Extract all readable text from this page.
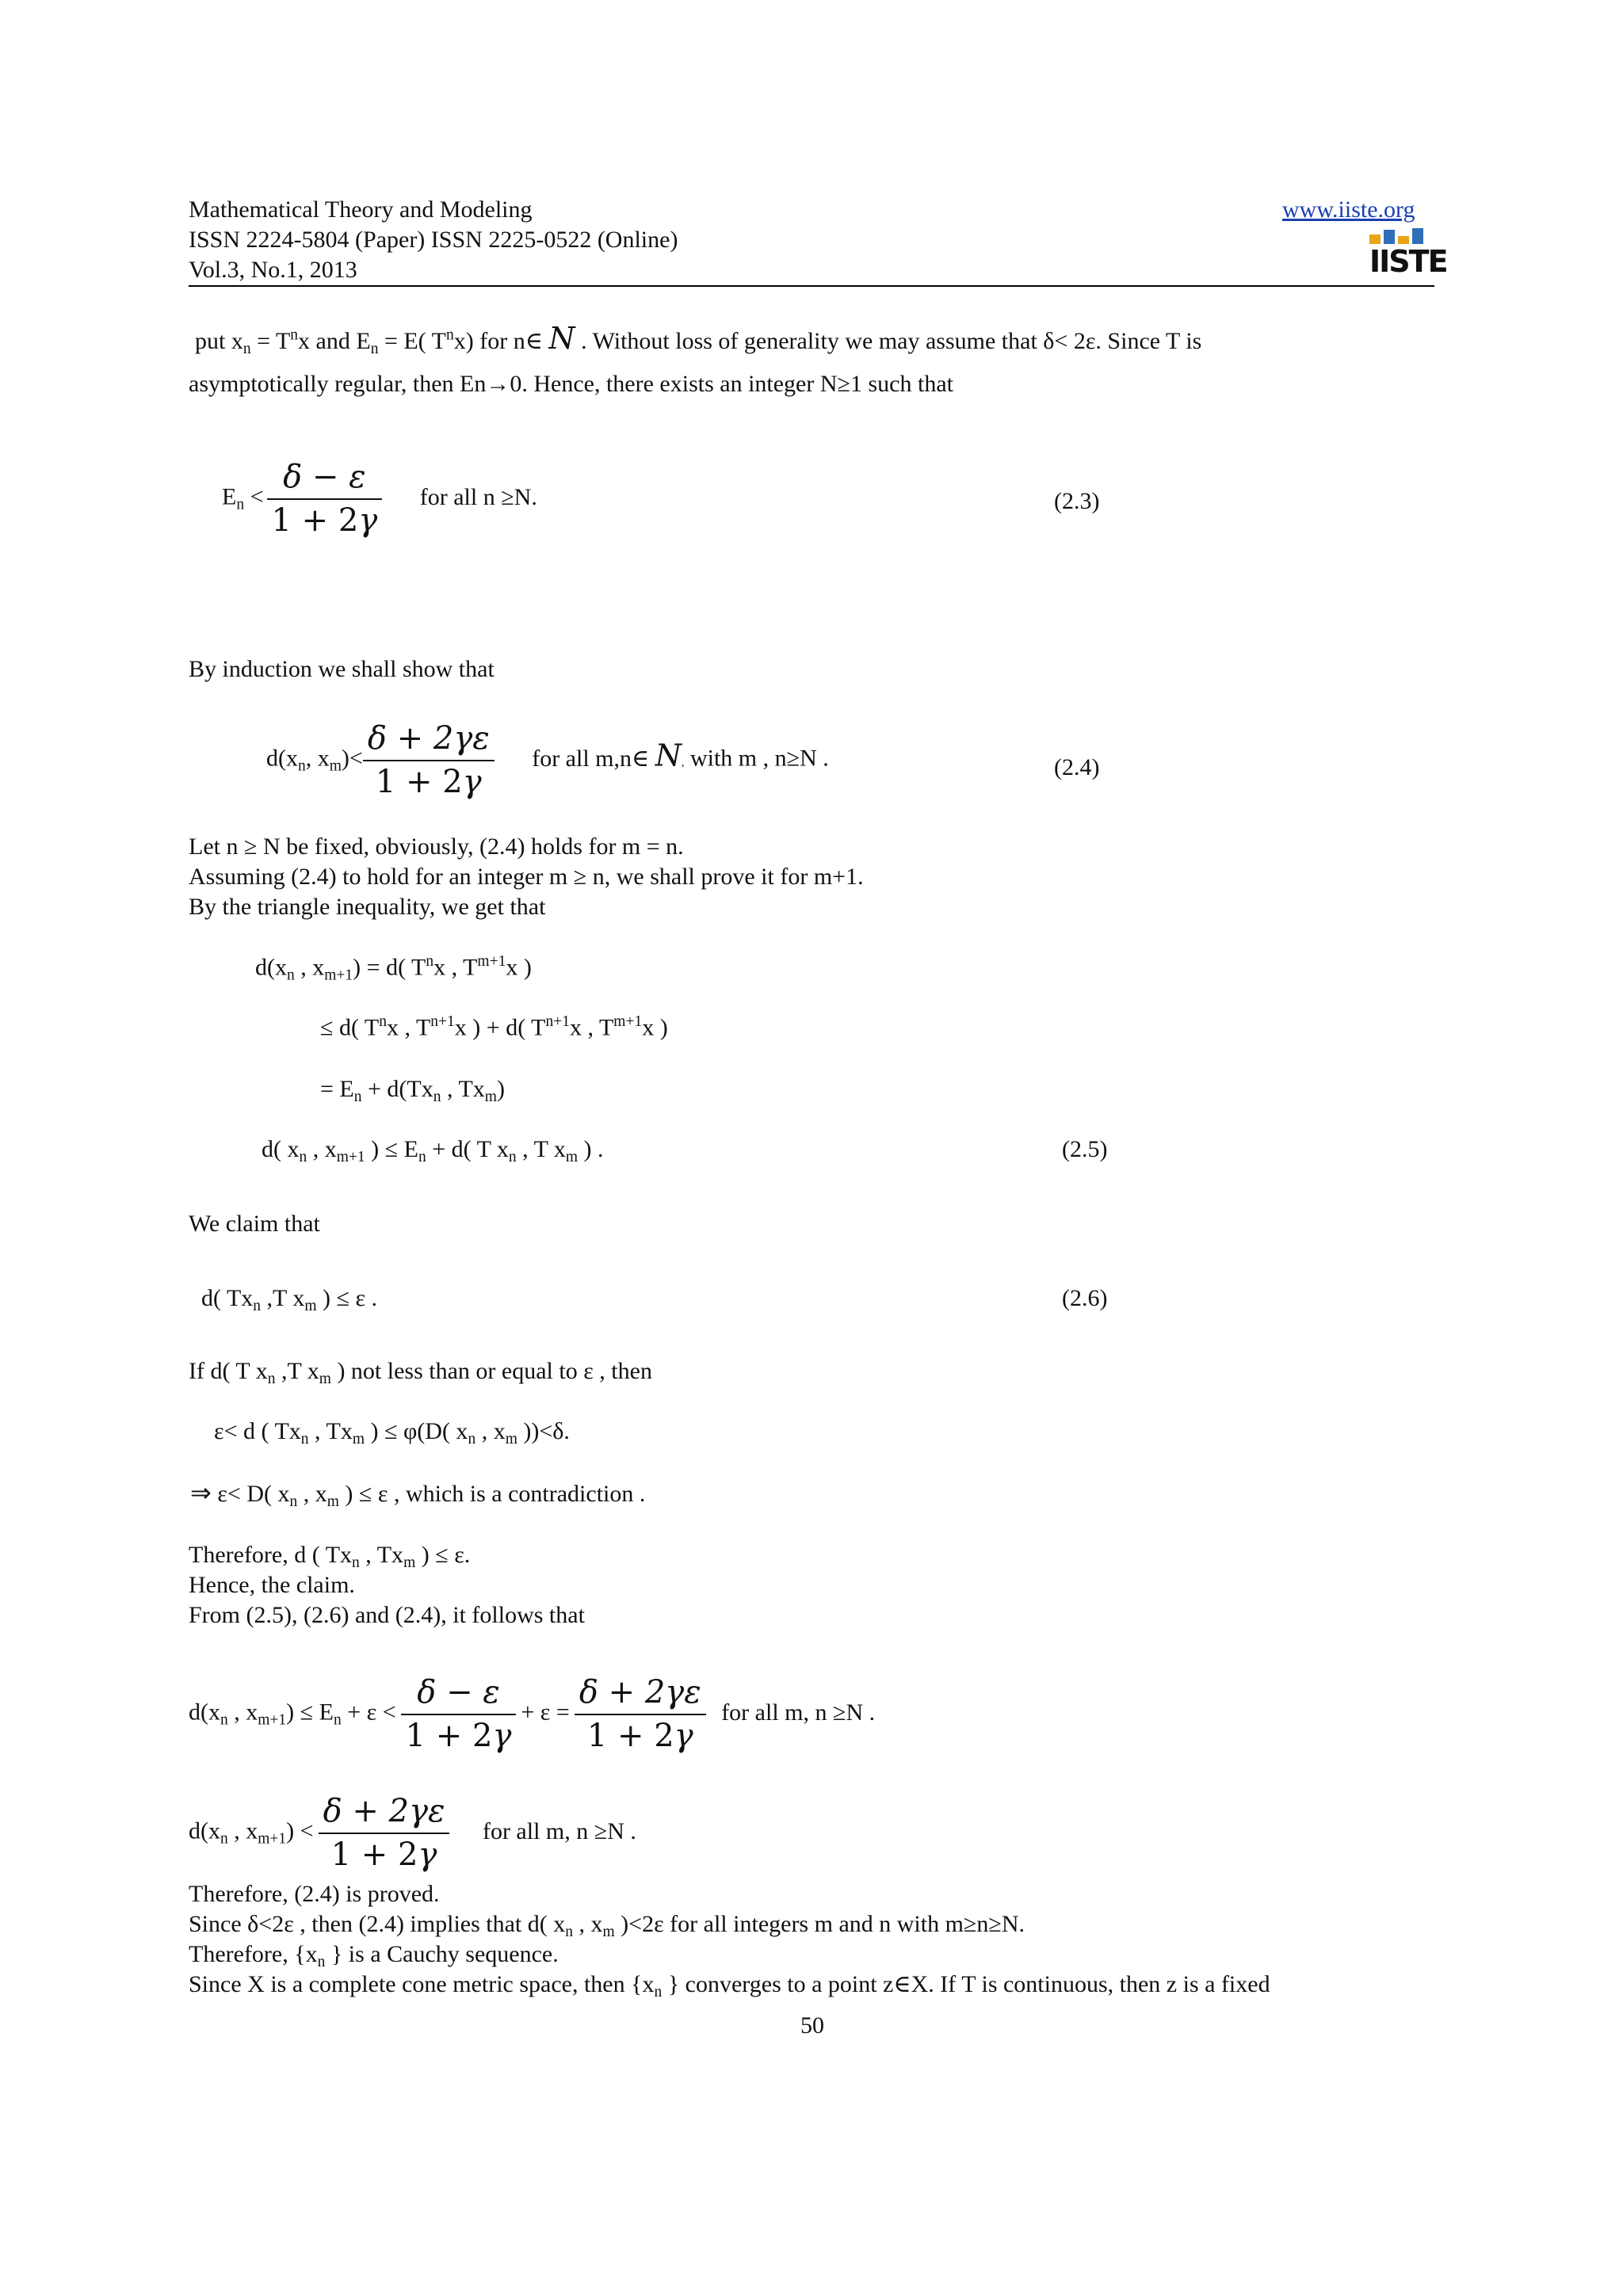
Mathematical Theory and Modeling
ISSN 2224-5804 (Paper) ISSN 2225-0522 (Online)
Vol.3, No.1, 2013
www.iiste.org
IISTE
put $x_n = T^nx$ and $E_n = E$( $T^nx$) for n∈ N . Without loss of generality we may assume that δ< 2ε. Since T is
asymptotically regular, then En→0. Hence, there exists an integer N≥1 such that
$E_n < \frac{\delta - \varepsilon}{1 + 2\gamma}$ for all n ≥N.	(2.3)
By induction we shall show that
$d(x_n$, $x_m)< \frac{\delta + 2\gamma\varepsilon}{1 + 2\gamma}$ for all m,n∈ N, with m , n≥N .	(2.4)
Let n ≥ N be fixed, obviously, (2.4) holds for m = n.
Assuming (2.4) to hold for an integer m ≥ n, we shall prove it for m+1.
By the triangle inequality, we get that
$d(x_n$ , $x_{m+1}) = d$( $T^nx$ , $T^{m+1}x$ )
≤ d( $T^nx$ , $T^{n+1}x$ ) + d( $T^{n+1}x$ , $T^{m+1}x$ )
= $E_n + d(Tx_n$ , $Tx_m$)
d( $x_n$ , $x_{m+1}$ ) ≤ $E_n + d$( T $x_n$ , T $x_m$ ) .	(2.5)
We claim that
d( $Tx_n$ ,T $x_m$ ) ≤ ε .	(2.6)
If d( T $x_n$ ,T $x_m$ ) not less than or equal to ε , then
ε< d ( $Tx_n$ , $Tx_m$ ) ≤ φ(D( $x_n$ , $x_m$ ))<δ.
⇒ ε< D( $x_n$ , $x_m$ ) ≤ ε , which is a contradiction .
Therefore, d ( $Tx_n$ , $Tx_m$ ) ≤ ε.
Hence, the claim.
From (2.5), (2.6) and (2.4), it follows that
$d(x_n$ , $x_{m+1}) \le E_n + \varepsilon < \frac{\delta - \varepsilon}{1 + 2\gamma} + \varepsilon = \frac{\delta + 2\gamma\varepsilon}{1 + 2\gamma}$ for all m, n ≥N .
$d(x_n$ , $x_{m+1}) < \frac{\delta + 2\gamma\varepsilon}{1 + 2\gamma}$ for all m, n ≥N .
Therefore, (2.4) is proved.
Since δ<2ε , then (2.4) implies that d( $x_n$ , $x_m$ )<2ε for all integers m and n with m≥n≥N.
Therefore, {$x_n$ } is a Cauchy sequence.
Since X is a complete cone metric space, then {$x_n$ } converges to a point z∈X. If T is continuous, then z is a fixed
50
